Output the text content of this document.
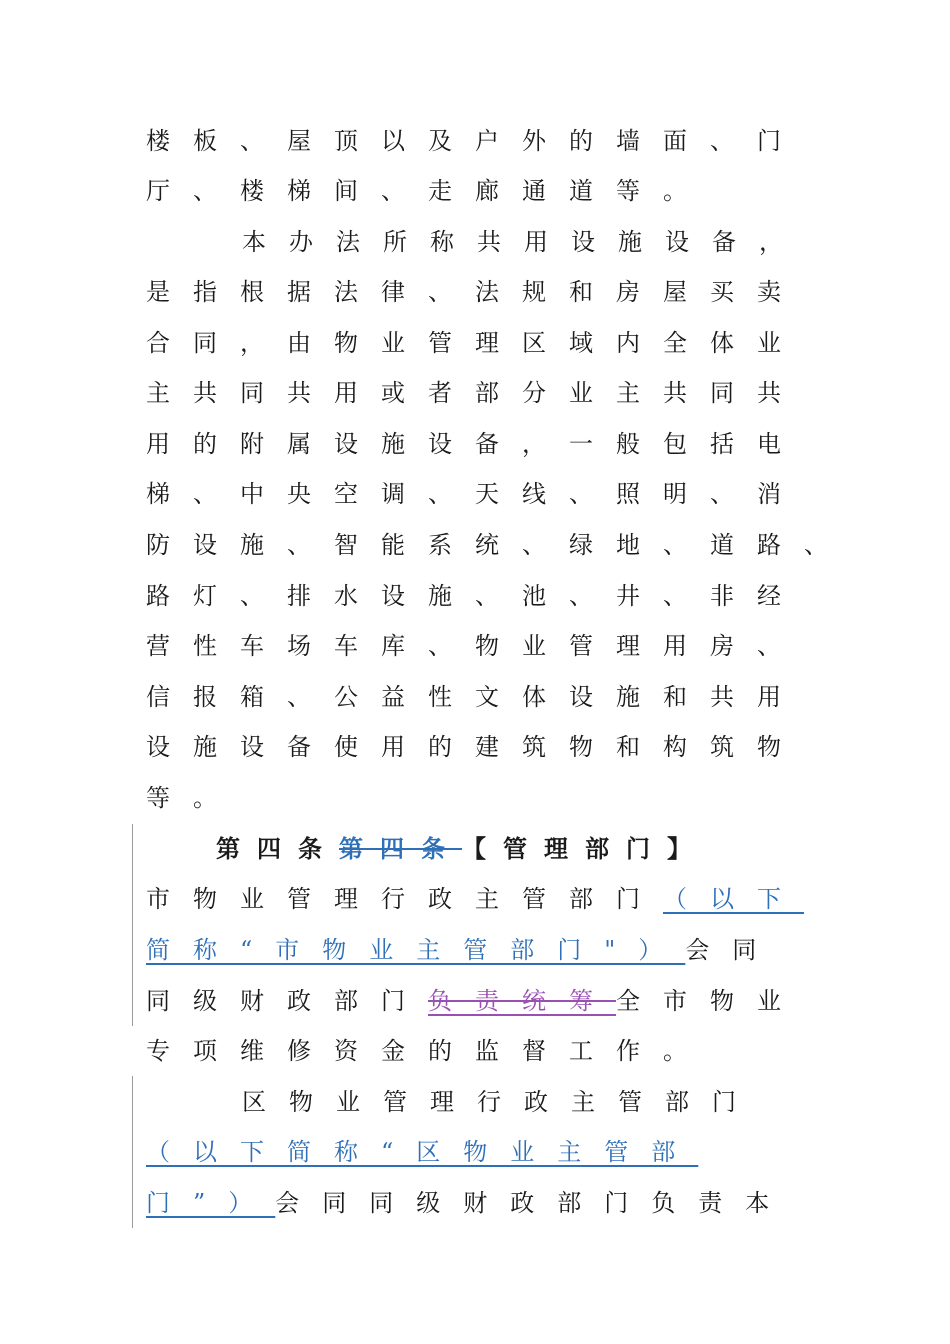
楼板、屋顶以及户外的墙面、门
厅、楼梯间、走廊通道等。
本办法所称共用设施设备，
是指根据法律、法规和房屋买卖
合同，由物业管理区域内全体业
主共同共用或者部分业主共同共
用的附属设施设备，一般包括电
梯、中央空调、天线、照明、消
防设施、智能系统、绿地、道路、
路灯、排水设施、池、井、非经
营性车场车库、物业管理用房、
信报箱、公益性文体设施和共用
设施设备使用的建筑物和构筑物
等。
第四条第四条【管理部门】
市物业管理行政主管部门（以下
简称“市物业主管部门"）会同
同级财政部门负责统筹全市物业
专项维修资金的监督工作。
区物业管理行政主管部门
（以下简称“区物业主管部
门”）会同同级财政部门负责本
